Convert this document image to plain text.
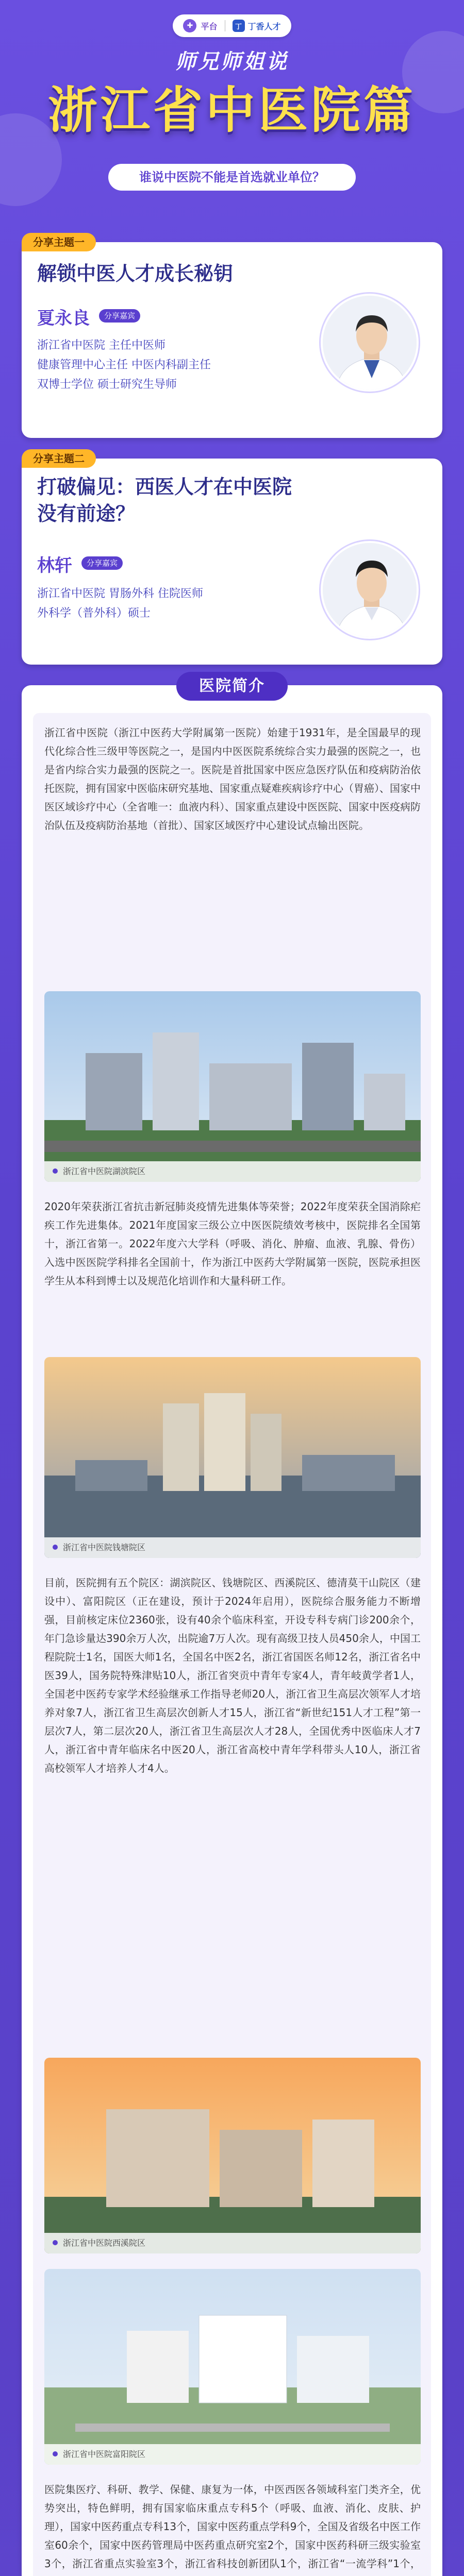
✚ 平台	丁 丁香人才
师兄师姐说
浙江省中医院篇
谁说中医院不能是首选就业单位？
分享主题一
解锁中医人才成长秘钥
夏永良	分享嘉宾
浙江省中医院 主任中医师
健康管理中心主任 中医内科副主任
双博士学位 硕士研究生导师
分享主题二
打破偏见：西医人才在中医院
没有前途？
林轩	分享嘉宾
浙江省中医院 胃肠外科 住院医师
外科学（普外科）硕士
医院简介
浙江省中医院（浙江中医药大学附属第一医院）始建于1931年，是全国最早的现代化综合性三级甲等医院之一，是国内中医医院系统综合实力最强的医院之一，也是省内综合实力最强的医院之一。医院是首批国家中医应急医疗队伍和疫病防治依托医院，拥有国家中医临床研究基地、国家重点疑难疾病诊疗中心（胃癌）、国家中医区域诊疗中心（全省唯一：血液内科）、国家重点建设中医医院、国家中医疫病防治队伍及疫病防治基地（首批）、国家区域医疗中心建设试点输出医院。
浙江省中医院湖滨院区
2020年荣获浙江省抗击新冠肺炎疫情先进集体等荣誉；2022年度荣获全国消除疟疾工作先进集体。2021年度国家三级公立中医医院绩效考核中，医院排名全国第十，浙江省第一。2022年度六大学科（呼吸、消化、肿瘤、血液、乳腺、骨伤）入选中医医院学科排名全国前十，作为浙江中医药大学附属第一医院，医院承担医学生从本科到博士以及规范化培训作和大量科研工作。
浙江省中医院钱塘院区
目前，医院拥有五个院区：湖滨院区、钱塘院区、西溪院区、德清莫干山院区（建设中）、富阳院区（正在建设，预计于2024年启用），医院综合服务能力不断增强，目前核定床位2360张，设有40余个临床科室，开设专科专病门诊200余个，年门急诊量达390余万人次，出院逾7万人次。现有高级卫技人员450余人，中国工程院院士1名，国医大师1名，全国名中医2名，浙江省国医名师12名，浙江省名中医39人，国务院特殊津贴10人，浙江省突贡中青年专家4人，青年岐黄学者1人，全国老中医药专家学术经验继承工作指导老师20人，浙江省卫生高层次领军人才培养对象7人，浙江省卫生高层次创新人才15人，浙江省“新世纪151人才工程”第一层次7人，第二层次20人，浙江省卫生高层次人才28人，全国优秀中医临床人才7人，浙江省中青年临床名中医20人，浙江省高校中青年学科带头人10人，浙江省高校领军人才培养人才4人。
浙江省中医院西溪院区
浙江省中医院富阳院区
医院集医疗、科研、教学、保健、康复为一体，中医西医各领域科室门类齐全，优势突出，特色鲜明，拥有国家临床重点专科5个（呼吸、血液、消化、皮肤、护理），国家中医药重点专科13个，国家中医药重点学科9个，全国及省级名中医工作室60余个，国家中医药管理局中医药重点研究室2个，国家中医药科研三级实验室3个，浙江省重点实验室3个，浙江省科技创新团队1个，浙江省“一流学科”1个，
